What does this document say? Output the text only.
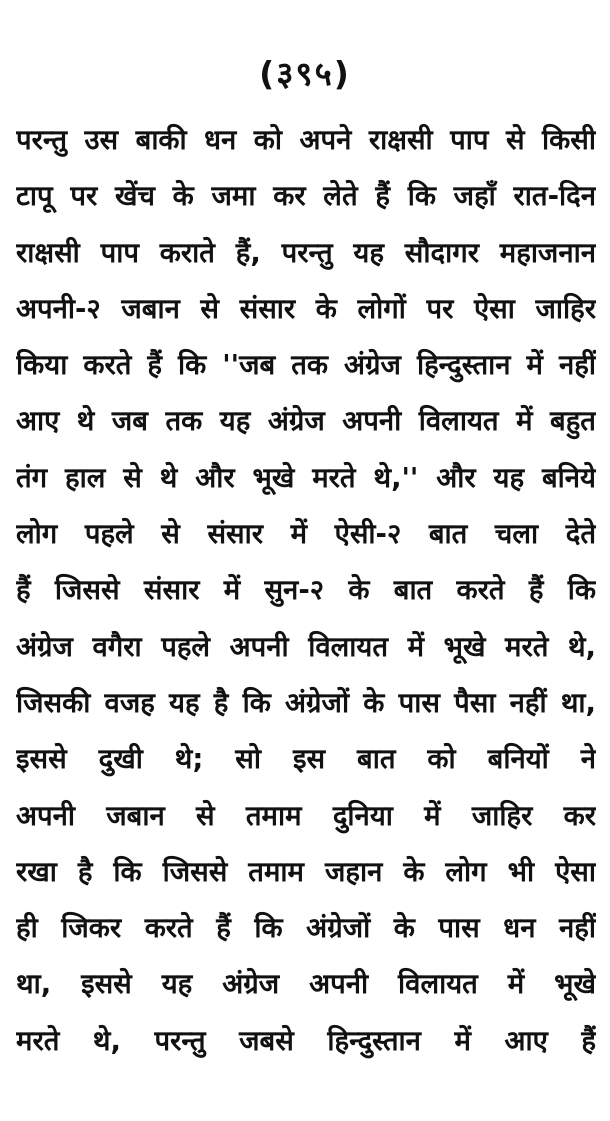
(३९५)
परन्तु उस बाकी धन को अपने राक्षसी पाप से किसी
टापू पर खेंच के जमा कर लेते हैं कि जहाँ रात-दिन
राक्षसी पाप कराते हैं, परन्तु यह सौदागर महाजनान
अपनी-२ जबान से संसार के लोगों पर ऐसा जाहिर
किया करते हैं कि ''जब तक अंग्रेज हिन्दुस्तान में नहीं
आए थे जब तक यह अंग्रेज अपनी विलायत में बहुत
तंग हाल से थे और भूखे मरते थे,'' और यह बनिये
लोग पहले से संसार में ऐसी-२ बात चला देते
हैं जिससे संसार में सुन-२ के बात करते हैं कि
अंग्रेज वगैरा पहले अपनी विलायत में भूखे मरते थे,
जिसकी वजह यह है कि अंग्रेजों के पास पैसा नहीं था,
इससे दुखी थे; सो इस बात को बनियों ने
अपनी जबान से तमाम दुनिया में जाहिर कर
रखा है कि जिससे तमाम जहान के लोग भी ऐसा
ही जिकर करते हैं कि अंग्रेजों के पास धन नहीं
था, इससे यह अंग्रेज अपनी विलायत में भूखे
मरते थे, परन्तु जबसे हिन्दुस्तान में आए हैं
